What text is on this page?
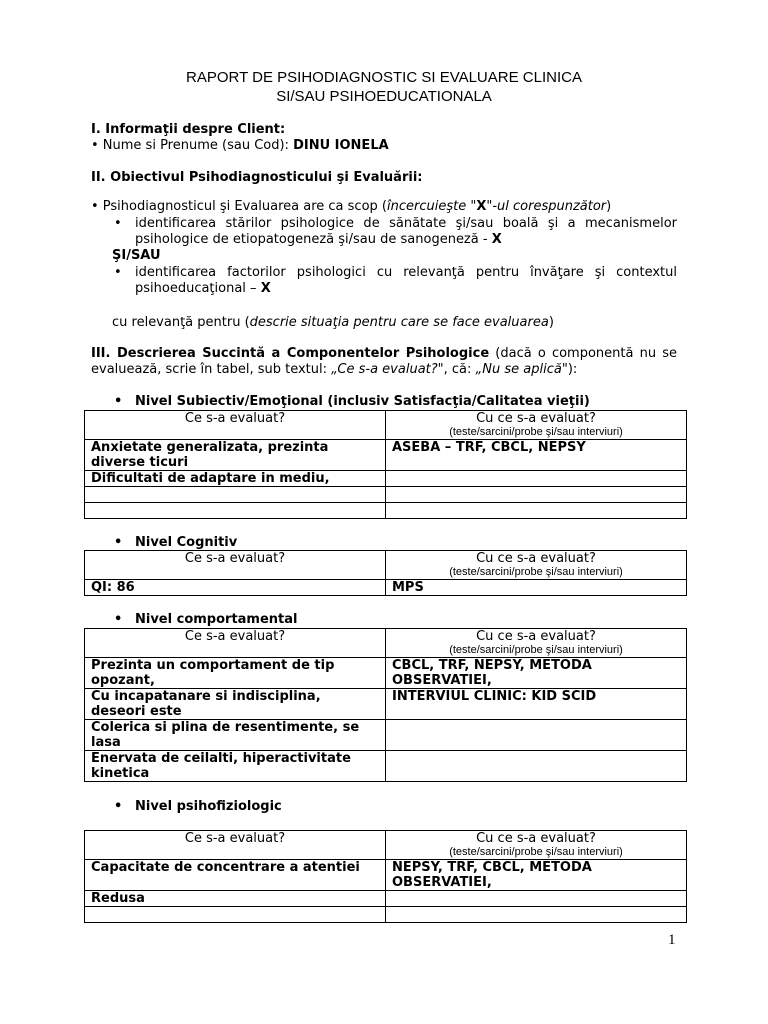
RAPORT DE PSIHODIAGNOSTIC SI EVALUARE CLINICA
SI/SAU PSIHOEDUCATIONALA
I. Informaţii despre Client:
• Nume si Prenume (sau Cod): DINU IONELA
II. Obiectivul Psihodiagnosticului şi Evaluării:
• Psihodiagnosticul şi Evaluarea are ca scop (încercuieşte "X"-ul corespunzător)
• identificarea stărilor psihologice de sănătate şi/sau boală şi a mecanismelor psihologice de etiopatogeneză şi/sau de sanogeneză - X
ŞI/SAU
• identificarea factorilor psihologici cu relevanţă pentru învăţare şi contextul psihoeducaţional – X
cu relevanţă pentru (descrie situaţia pentru care se face evaluarea)
III. Descrierea Succintă a Componentelor Psihologice (dacă o componentă nu se evaluează, scrie în tabel, sub textul: „Ce s-a evaluat?", că: „Nu se aplică"):
• Nivel Subiectiv/Emoţional (inclusiv Satisfacţia/Calitatea vieţii)
Ce s-a evaluat?	Cu ce s-a evaluat?
(teste/sarcini/probe şi/sau interviuri)

Anxietate generalizata, prezinta diverse ticuri	ASEBA – TRF, CBCL, NEPSY
Dificultati de adaptare in mediu,	

• Nivel Cognitiv
Ce s-a evaluat?	Cu ce s-a evaluat?
(teste/sarcini/probe şi/sau interviuri)

QI: 86	MPS
• Nivel comportamental
Ce s-a evaluat?	Cu ce s-a evaluat?
(teste/sarcini/probe şi/sau interviuri)

Prezinta un comportament de tip opozant,	CBCL, TRF, NEPSY, METODA OBSERVATIEI,
Cu incapatanare si indisciplina, deseori este	INTERVIUL CLINIC: KID SCID
Colerica si plina de resentimente, se lasa	
Enervata de ceilalti, hiperactivitate kinetica	
• Nivel psihofiziologic
Ce s-a evaluat?	Cu ce s-a evaluat?
(teste/sarcini/probe şi/sau interviuri)

Capacitate de concentrare a atentiei	NEPSY, TRF, CBCL, METODA OBSERVATIEI,
Redusa	

1
